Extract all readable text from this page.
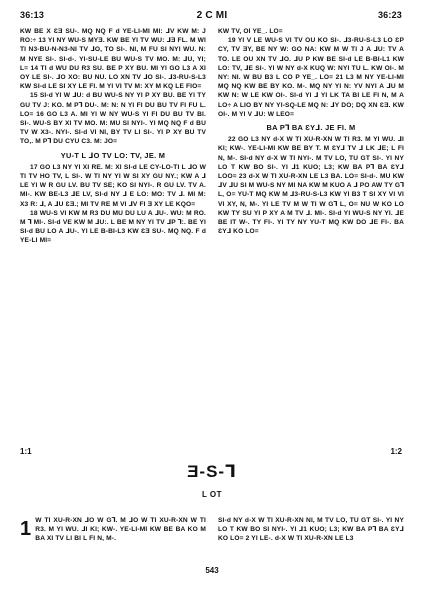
36:13	2 C MI	36:23

KW BE X ƐƎ SU-. MQ NQ F d YE-LI-MI MI: ⅃V KW M: J RO:÷ 13 YI NY WU-S MYƎ. KW BE YI TV WU: ⅃Ǝ FL. M WI TI N3-BU-N-N3-NI TV ⅃O, TO SI-. NI, M FU SI NYI WU. N: M NYE SI-. SI-d-. YI-SU-LE BU WU-S TV MO. M: ⅃U, YI; L= 14 TI d WU DU R3 SU. BE P XY BU. MI YI GO L3 A XI OY LE SI-. ⅃O XO: BU NU. LO XN TV ⅃O SI-. ⅃3-RU-S-L3 KW SI-d LE SI XY LE FI. M YI VI TV M: XY M KQ LE FIO=

15 SI-d YI W ⅃U: d BU WU-S NY YI P XY BU. BE YI TY GU TV J: KO. M P⅂ DU-. M: N: N YI FI DU BU TV FI FU L. LO= 16 GO L3 A. MI YI W NY WU-S YI FI DU BU TV BI. SI-. WU-S BY XI TV MO. M: MU SI NYI-. YI MQ NQ F d BU TV W X3-. NYI-. SI-d VI NI, BY TV LI SI-. YI P XY BU TV TO,. M P⅂ DU CYU C3. M: JO=

YU-T L ⅃O TV LO: TV, JE. M

17 GO L3 NY YI XI RE. M: XI SI-d LE CY-LO-TI L ⅃O W TI TV HO TV, L SI-. W TI NY YI W SI XY GU NY.; KW A ⅃ LE YI W R GU LV. BU TV SE; KO SI NYI-. R GU LV. TV A. MI-. KW BE-L3 ⅃E LV, SI-d NY ⅃ E LO: MO: TV ⅃. MI M: X3 R: ⅃, A ⅃U ƐƎ.; MI TV RE M VI ⅃V FI Ǝ XY LE KQO=

18 WU-S VI KW M R3 DU MU DU LU A ⅃U-. WU: M RO. M ⅂ MI-. SI-d VE KW M ⅃U:. L BE M NY YI TV ⅃P ⅂:. BE YI SI-d BU LO A ⅃U-. YI LE B-BI-L3 KW ƐƎ SU-. MQ NQ. F d YE-LI MI=

KW TV, OI YE_. LO=

19 YI V LE WU-S VI TV OU KO SI-. ⅃3-RU-S-L3 LO ƐP CY, TV ƎY, BE NY W: GO NA: KW M W TI J A ⅃U: TV A TO. LE OU XN TV ⅃O. ⅃U P KW BE SI-d LE B-BI-L1 KW LO: TV, ⅃E SI-. YI W NY d-X KUQ W: NYI TU L. KW OI-. M NY: NI. W BU B3 L CO P YE_. LO= 21 L3 M NY YE-LI-MI MQ NQ KW BE BY KO. M-. MQ NY YI N: YV NYI A ⅃U M KW N: W LE KW OI-. SI-d YI ⅃ YI LK TA BI LE FI N, M A LO÷ A LIO BY NY YI-SQ-LE MQ N: ⅃Y DO; DQ XN ƐƎ. KW OI-. M YI V ⅃U: W LEO=

BA P⅂ BA ƐY⅃. JE FI. M

22 GO L3 NY d-X W TI XU-R-XN W TI R3. M YI WU. ⅃I KI; KW-. YE-LI-MI KW BE BY T. M ƐY⅃ TV ⅃ LK ⅃E; L FI N, M-. SI-d NY d-X W TI NYI-. M TV LO, TU GT SI-. YI NY LO T KW BO SI-. YI ⅃1 KUO; L3; KW BA P⅂ BA ƐY⅃ LOO= 23 d-X W TI XU-R-XN LE L3 BA. LO= SI-d-. MU KW ⅃V ⅃U SI M WU-S NY MI NA KW M KUO A ⅃ PO AW TY G⅂ L, O= YU-T MQ KW M ⅃3-RU-S-L3 KW YI B3 T SI XY VI VI VI XY, N, M-. YI LE TV M W TI W G⅂ L, O= NU W KO LO KW TY SU YI P XY A M TV ⅃. MI-. SI-d YI WU-S NY YI. ⅃E BE IT W-. TY FI-. YI TY NY YU-T MQ KW DO ⅃E FI-. BA ƐY⅃ KO LO=

1:1	1:2
Ǝ-S-Ꞁ
L OT
1 W TI XU-R-XN ⅃O W G⅂. M ⅃O W TI XU-R-XN W TI R3. M YI WU. ⅃I KI; KW-. YE-LI-MI KW BE BA KO M BA XI TV LI BI L FI N, M-.
SI-d NY d-X W TI XU-R-XN NI, M TV LO, TU GT SI-. YI NY LO T KW BO SI NYI-. YI ⅃1 KUO; L3; KW BA P⅂ BA ƐY⅃ KO LO= 2 YI LE-. d-X W TI XU-R-XN LE L3
543
